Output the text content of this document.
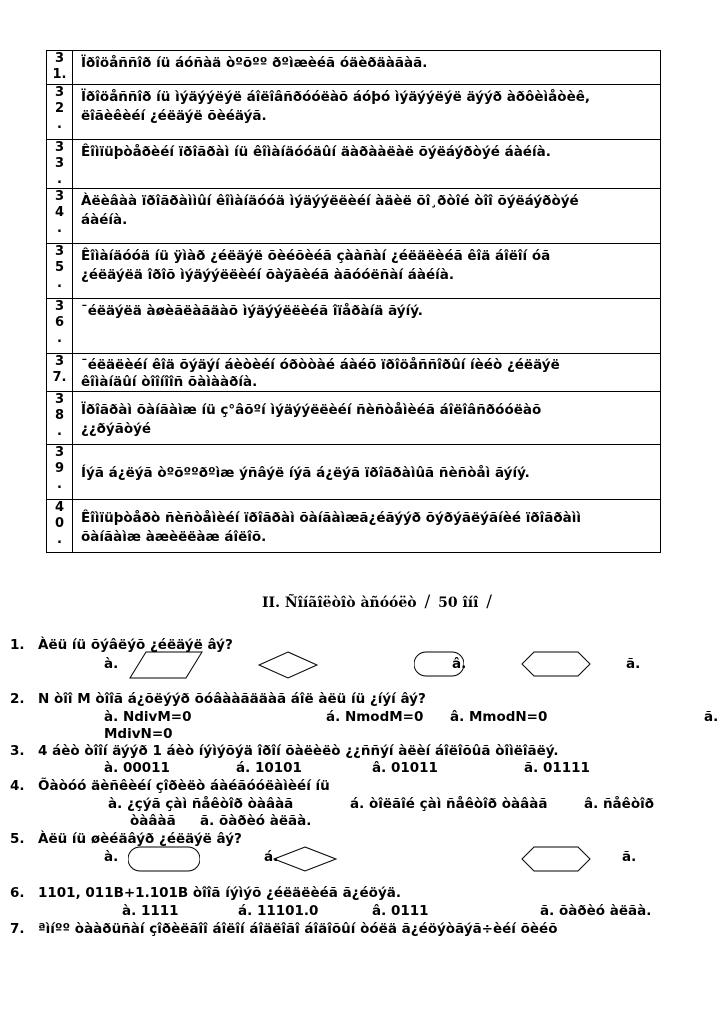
3
1.	Ïðîöåññîð íü áóñàä òºõºº ðºìæèéã óäèðäàãàã.

3
2
.	Ïðîöåññîð íü ìýäýýëýë áîëîâñðóóëàõ áóþó ìýäýýëýë äýýð àðôèìåòèê,
ëîãèêèéí ¿éëäýë õèéäýã.

3
3
.	Êîìïüþòåðèéí ïðîãðàì íü êîìàíäóóäûí äàðààëàë õýëáýðòýé áàéíà.

3
4
.	Àëèâàà ïðîãðàììûí êîìàíäóóä ìýäýýëëèéí àäèë õî¸ðòîé òîî õýëáýðòýé
áàéíà.

3
5
.	Êîìàíäóóä íü ÿìàð ¿éëäýë õèéõèéã çààñàí ¿éëäëèéã êîä áîëîí óã
¿éëäýëä îðîõ ìýäýýëëèéí õàÿãèéã àãóóëñàí áàéíà.

3
6
.	¯éëäýëä àøèãëàãäàõ ìýäýýëëèéã îïåðàíä ãýíý.

3
7.	¯éëäëèéí êîä õýäýí áèòèéí óðòòàé áàéõ ïðîöåññîðûí íèéò ¿éëäýë
êîìàíäûí òîîíîîñ õàìààðíà.

3
8
.	Ïðîãðàì õàíãàìæ íü ç°âõºí ìýäýýëëèéí ñèñòåìèéã áîëîâñðóóëàõ
¿¿ðýãòýé

3
9
.	Íýã á¿ëýã òºõººðºìæ ýñâýë íýã á¿ëýã ïðîãðàìûã ñèñòåì ãýíý.

4
0
.	Êîìïüþòåðò ñèñòåìèéí ïðîãðàì õàíãàìæã¿éãýýð õýðýãëýãíèé ïðîãðàìì
õàíãàìæ àæèëëàæ áîëîõ.
II. Ñîíãîëòîò àñóóëò / 50 îíî /
1. Àëü íü õýâëýõ ¿éëäýë âý?
à.	â.	ã.
2. N òîî M òîîã á¿õëýýð õóâààãääàã áîë àëü íü ¿íýí âý?
à. NdivM=0	á. NmodM=0 â. MmodN=0	ã.
MdivN=0
3. 4 áèò òîîí äýýð 1 áèò íýìýõýä îðîí õàëèëò ¿¿ññýí àëèí áîëîõûã òîìëîãëý.
à. 00011	á. 10101	â. 01011	ã. 01111
4. Õàòóó äèñêèéí çîðèëò áàéãóóëàìèéí íü
à. ¿çýã çàì ñåêòîð òàâàã	á. òîëãîé çàì ñåêòîð òàâàã	â. ñåêòîð
òàâàã ã. õàðèó àëãà.
5. Àëü íü øèéäâýð ¿éëäýë âý?
à.	á.	ã.
6. 1101, 011B+1.101B òîîã íýìýõ ¿éëäëèéã ã¿éöýä.
à. 1111	á. 11101.0	â. 0111	ã. õàðèó àëãà.
7. ªìíºº òààðüñàí çîðèëãîî áîëîí áîäëîãî áîäîõûí òóëä ã¿éöýòãýã÷èéí õèéõ
